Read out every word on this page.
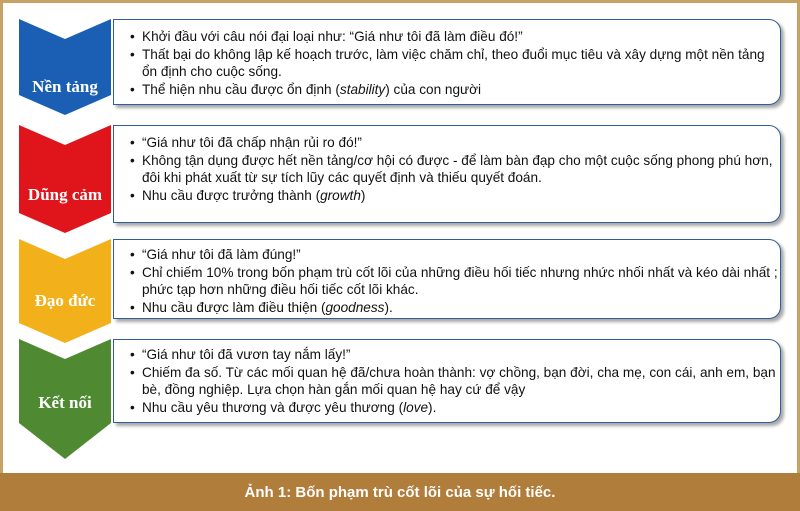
Nền tảng
• Khởi đầu với câu nói đại loại như: “Giá như tôi đã làm điều đó!”
• Thất bại do không lập kế hoạch trước, làm việc chăm chỉ, theo đuổi mục tiêu và xây dựng một nền tảng ổn định cho cuộc sống.
• Thể hiện nhu cầu được ổn định (stability) của con người
Dũng cảm
• “Giá như tôi đã chấp nhận rủi ro đó!”
• Không tận dụng được hết nền tảng/cơ hội có được - để làm bàn đạp cho một cuộc sống phong phú hơn, đôi khi phát xuất từ sự tích lũy các quyết định và thiếu quyết đoán.
• Nhu cầu được trưởng thành (growth)
Đạo đức
• “Giá như tôi đã làm đúng!”
• Chỉ chiếm 10% trong bốn phạm trù cốt lõi của những điều hối tiếc nhưng nhức nhối nhất và kéo dài nhất ; phức tạp hơn những điều hối tiếc cốt lõi khác.
• Nhu cầu được làm điều thiện (goodness).
Kết nối
• “Giá như tôi đã vươn tay nắm lấy!”
• Chiếm đa số. Từ các mối quan hệ đã/chưa hoàn thành: vợ chồng, bạn đời, cha mẹ, con cái, anh em, bạn bè, đồng nghiệp. Lựa chọn hàn gắn mối quan hệ hay cứ để vậy
• Nhu cầu yêu thương và được yêu thương (love).
Ảnh 1: Bốn phạm trù cốt lõi của sự hối tiếc.
